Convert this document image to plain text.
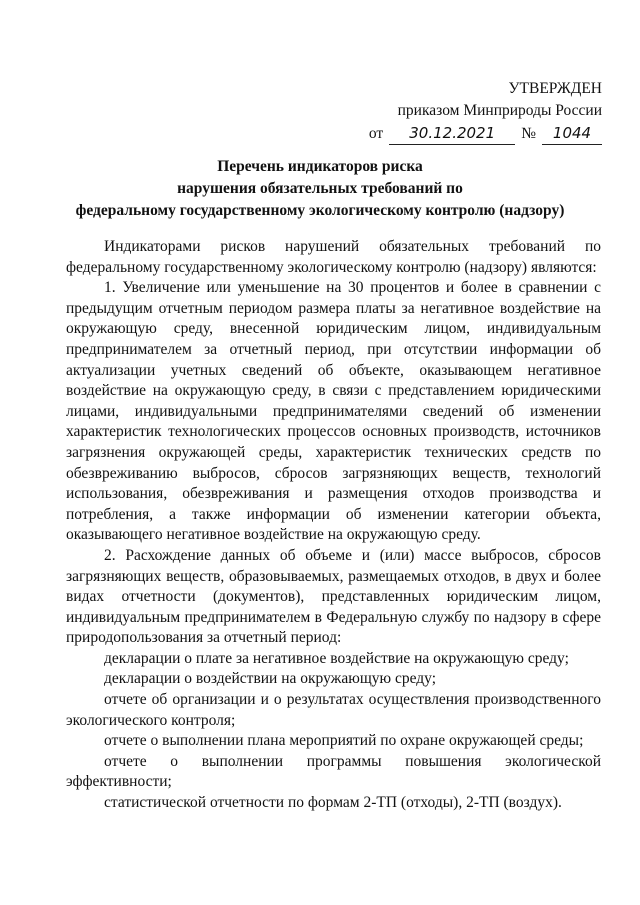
УТВЕРЖДЕН
приказом Минприроды России
от	30.12.2021	№	1044
Перечень индикаторов риска
нарушения обязательных требований по
федеральному государственному экологическому контролю (надзору)

Индикаторами рисков нарушений обязательных требований по федеральному государственному экологическому контролю (надзору) являются:

1. Увеличение или уменьшение на 30 процентов и более в сравнении с предыдущим отчетным периодом размера платы за негативное воздействие на окружающую среду, внесенной юридическим лицом, индивидуальным предпринимателем за отчетный период, при отсутствии информации об актуализации учетных сведений об объекте, оказывающем негативное воздействие на окружающую среду, в связи с представлением юридическими лицами, индивидуальными предпринимателями сведений об изменении характеристик технологических процессов основных производств, источников загрязнения окружающей среды, характеристик технических средств по обезвреживанию выбросов, сбросов загрязняющих веществ, технологий использования, обезвреживания и размещения отходов производства и потребления, а также информации об изменении категории объекта, оказывающего негативное воздействие на окружающую среду.

2. Расхождение данных об объеме и (или) массе выбросов, сбросов загрязняющих веществ, образовываемых, размещаемых отходов, в двух и более видах отчетности (документов), представленных юридическим лицом, индивидуальным предпринимателем в Федеральную службу по надзору в сфере природопользования за отчетный период:

декларации о плате за негативное воздействие на окружающую среду;

декларации о воздействии на окружающую среду;

отчете об организации и о результатах осуществления производственного экологического контроля;

отчете о выполнении плана мероприятий по охране окружающей среды;

отчете о выполнении программы повышения экологической эффективности;

статистической отчетности по формам 2-ТП (отходы), 2-ТП (воздух).
